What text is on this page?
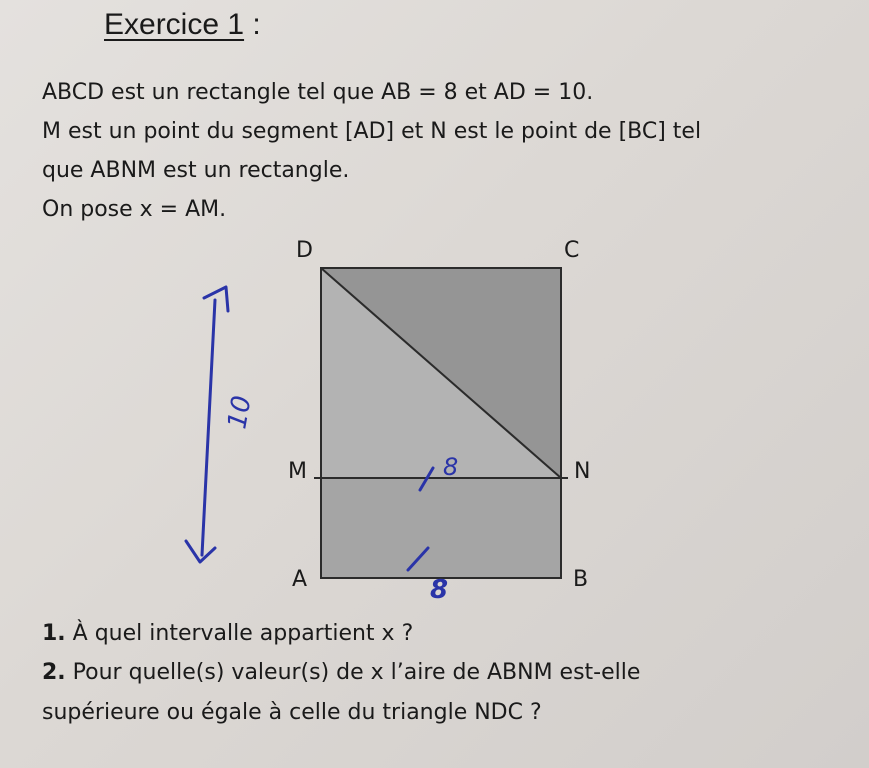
Exercice 1 :
ABCD est un rectangle tel que AB = 8 et AD = 10.
M est un point du segment [AD] et N est le point de [BC] tel
que ABNM est un rectangle.
On pose x = AM.
D	C
M	N
A	B
10
8
8
1. À quel intervalle appartient x ?
2. Pour quelle(s) valeur(s) de x l’aire de ABNM est-elle
supérieure ou égale à celle du triangle NDC ?
